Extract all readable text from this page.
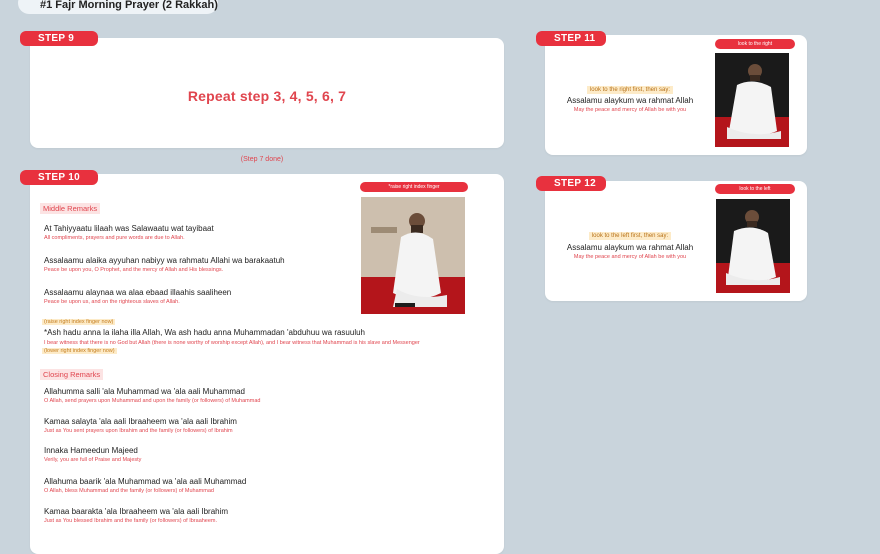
#1 Fajr Morning Prayer (2 Rakkah)
Repeat step 3, 4, 5, 6, 7
STEP 9
(Step 7 done)
*raise right index finger
Middle Remarks
At Tahiyyaatu lilaah was Salawaatu wat tayibaat
All compliments, prayers and pure words are due to Allah.
Assalaamu alaika ayyuhan nabiyy wa rahmatu Allahi wa barakaatuh
Peace be upon you, O Prophet, and the mercy of Allah and His blessings.
Assalaamu alaynaa wa alaa ebaad illaahis saaliheen
Peace be upon us, and on the righteous slaves of Allah.
(raise right index finger now)
*Ash hadu anna la ilaha illa Allah, Wa ash hadu anna Muhammadan 'abduhuu wa rasuuluh
I bear witness that there is no God but Allah (there is none worthy of worship except Allah), and I bear witness that Muhammad is his slave and Messenger
(lower right index finger now)
Closing Remarks
Allahumma salli 'ala Muhammad wa 'ala aali Muhammad
O Allah, send prayers upon Muhammad and upon the family (or followers) of Muhammad
Kamaa salayta 'ala aali Ibraaheem wa 'ala aali Ibrahim
Just as You sent prayers upon Ibrahim and the family (or followers) of Ibrahim
Innaka Hameedun Majeed
Verily, you are full of Praise and Majesty
Allahuma baarik 'ala Muhammad wa 'ala aali Muhammad
O Allah, bless Muhammad and the family (or followers) of Muhammad
Kamaa baarakta 'ala Ibraaheem wa 'ala aali Ibrahim
Just as You blessed Ibrahim and the family (or followers) of Ibraaheem.
STEP 10
look to the right
look to the right first, then say:
Assalamu alaykum wa rahmat Allah
May the peace and mercy of Allah be with you
STEP 11
look to the left
look to the left first, then say:
Assalamu alaykum wa rahmat Allah
May the peace and mercy of Allah be with you
STEP 12
